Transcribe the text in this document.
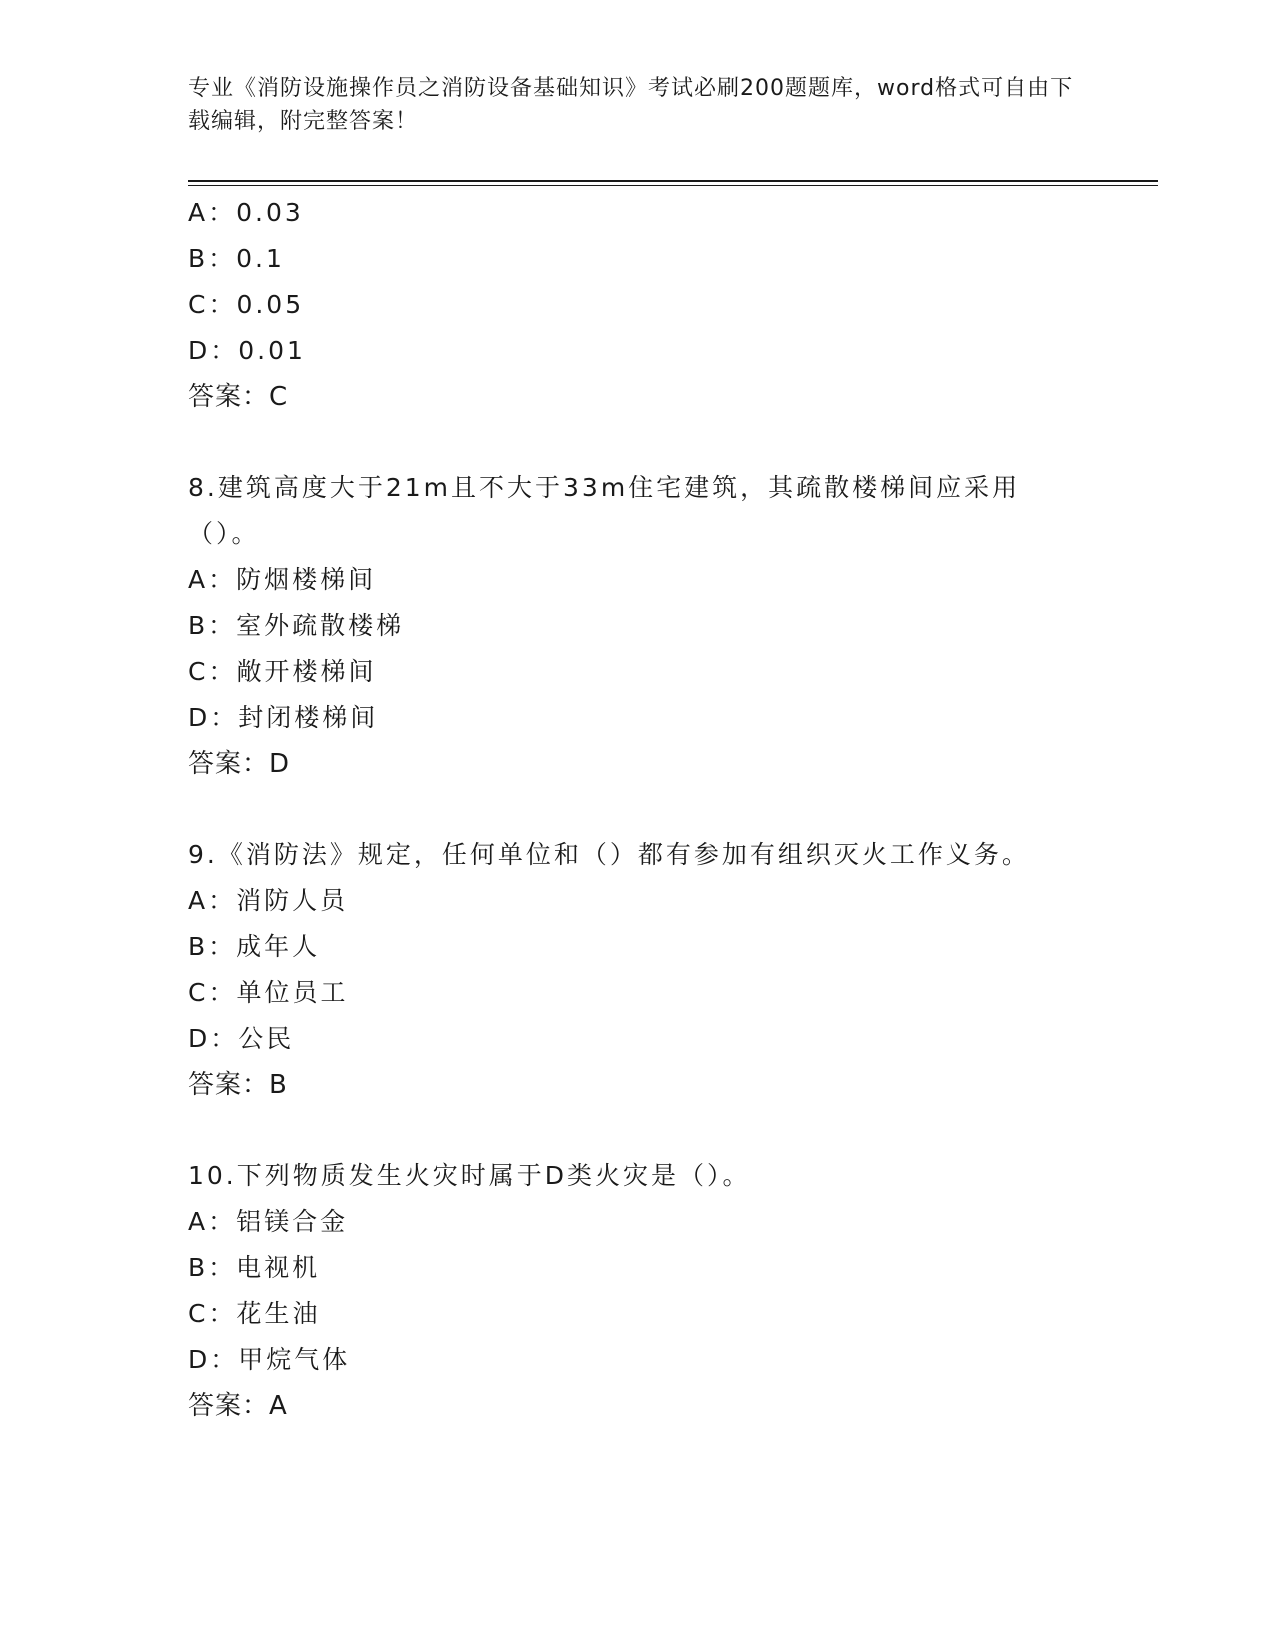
专业《消防设施操作员之消防设备基础知识》考试必刷200题题库，word格式可自由下载编辑，附完整答案！
A：0.03
B：0.1
C：0.05
D：0.01
答案：C
8.建筑高度大于21m且不大于33m住宅建筑，其疏散楼梯间应采用（）。
A：防烟楼梯间
B：室外疏散楼梯
C：敞开楼梯间
D：封闭楼梯间
答案：D
9.《消防法》规定，任何单位和（）都有参加有组织灭火工作义务。
A：消防人员
B：成年人
C：单位员工
D：公民
答案：B
10.下列物质发生火灾时属于D类火灾是（）。
A：铝镁合金
B：电视机
C：花生油
D：甲烷气体
答案：A
